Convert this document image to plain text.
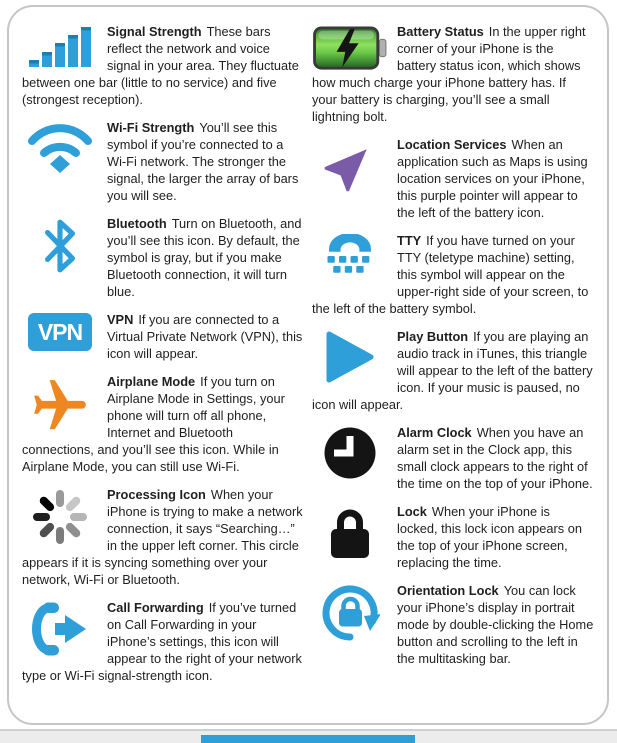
Signal Strength These bars reflect the network and voice signal in your area. They fluctuate between one bar (little to no service) and five (strongest reception).

Wi-Fi Strength You’ll see this symbol if you’re connected to a Wi-Fi network. The stronger the signal, the larger the array of bars you will see.

Bluetooth Turn on Bluetooth, and you’ll see this icon. By default, the symbol is gray, but if you make Bluetooth connection, it will turn blue.

VPN	VPN If you are connected to a Virtual Private Network (VPN), this icon will appear.

Airplane Mode If you turn on Airplane Mode in Settings, your phone will turn off all phone, Internet and Bluetooth connections, and you’ll see this icon. While in Airplane Mode, you can still use Wi-Fi.

Processing Icon When your iPhone is trying to make a network connection, it says “Searching…” in the upper left corner. This circle appears if it is syncing something over your network, Wi-Fi or Bluetooth.

Call Forwarding If you’ve turned on Call Forwarding in your iPhone’s settings, this icon will appear to the right of your network type or Wi-Fi signal-strength icon.

Battery Status In the upper right corner of your iPhone is the battery status icon, which shows how much charge your iPhone battery has. If your battery is charging, you’ll see a small lightning bolt.

Location Services When an application such as Maps is using location services on your iPhone, this purple pointer will appear to the left of the battery icon.

TTY If you have turned on your TTY (teletype machine) setting, this symbol will appear on the upper-right side of your screen, to the left of the battery symbol.

Play Button If you are playing an audio track in iTunes, this triangle will appear to the left of the battery icon. If your music is paused, no icon will appear.

Alarm Clock When you have an alarm set in the Clock app, this small clock appears to the right of the time on the top of your iPhone.

Lock When your iPhone is locked, this lock icon appears on the top of your iPhone screen, replacing the time.

Orientation Lock You can lock your iPhone’s display in portrait mode by double-clicking the Home button and scrolling to the left in the multitasking bar.
